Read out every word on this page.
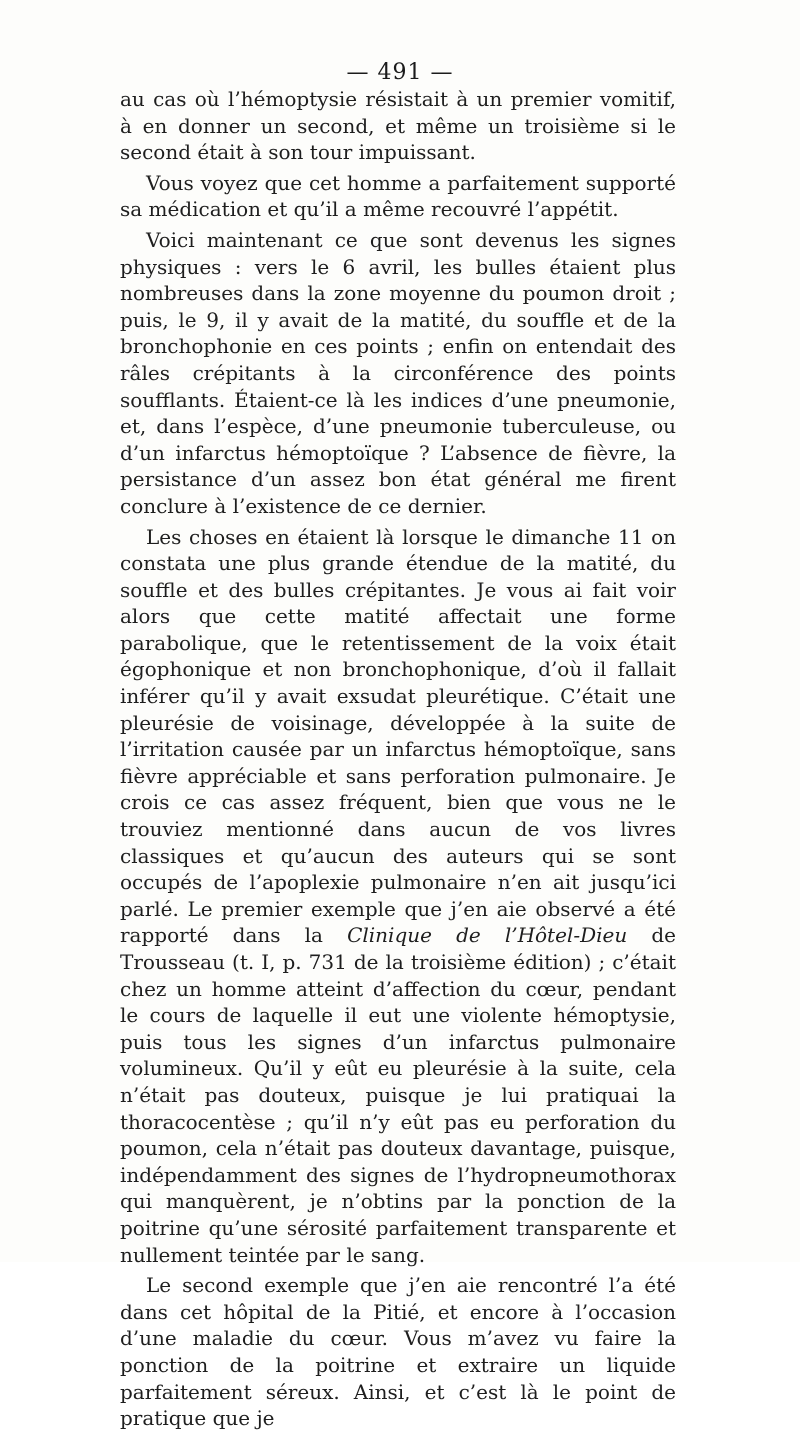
— 491 —

au cas où l’hémoptysie résistait à un premier vomitif, à en donner un second, et même un troisième si le second était à son tour impuissant.

Vous voyez que cet homme a parfaitement supporté sa médication et qu’il a même recouvré l’appétit.

Voici maintenant ce que sont devenus les signes physiques : vers le 6 avril, les bulles étaient plus nombreuses dans la zone moyenne du poumon droit ; puis, le 9, il y avait de la matité, du souffle et de la bronchophonie en ces points ; enfin on entendait des râles crépitants à la circonférence des points soufflants. Étaient-ce là les indices d’une pneumonie, et, dans l’espèce, d’une pneumonie tuberculeuse, ou d’un infarctus hémoptoïque ? L’absence de fièvre, la persistance d’un assez bon état général me firent conclure à l’existence de ce dernier.

Les choses en étaient là lorsque le dimanche 11 on constata une plus grande étendue de la matité, du souffle et des bulles crépitantes. Je vous ai fait voir alors que cette matité affectait une forme parabolique, que le retentissement de la voix était égophonique et non bronchophonique, d’où il fallait inférer qu’il y avait exsudat pleurétique. C’était une pleurésie de voisinage, développée à la suite de l’irritation causée par un infarctus hémoptoïque, sans fièvre appréciable et sans perforation pulmonaire. Je crois ce cas assez fréquent, bien que vous ne le trouviez mentionné dans aucun de vos livres classiques et qu’aucun des auteurs qui se sont occupés de l’apoplexie pulmonaire n’en ait jusqu’ici parlé. Le premier exemple que j’en aie observé a été rapporté dans la Clinique de l’Hôtel-Dieu de Trousseau (t. I, p. 731 de la troisième édition) ; c’était chez un homme atteint d’affection du cœur, pendant le cours de laquelle il eut une violente hémoptysie, puis tous les signes d’un infarctus pulmonaire volumineux. Qu’il y eût eu pleurésie à la suite, cela n’était pas douteux, puisque je lui pratiquai la thoracocentèse ; qu’il n’y eût pas eu perforation du poumon, cela n’était pas douteux davantage, puisque, indépendamment des signes de l’hydropneumothorax qui manquèrent, je n’obtins par la ponction de la poitrine qu’une sérosité parfaitement transparente et nullement teintée par le sang.

Le second exemple que j’en aie rencontré l’a été dans cet hôpital de la Pitié, et encore à l’occasion d’une maladie du cœur. Vous m’avez vu faire la ponction de la poitrine et extraire un liquide parfaitement séreux. Ainsi, et c’est là le point de pratique que je
